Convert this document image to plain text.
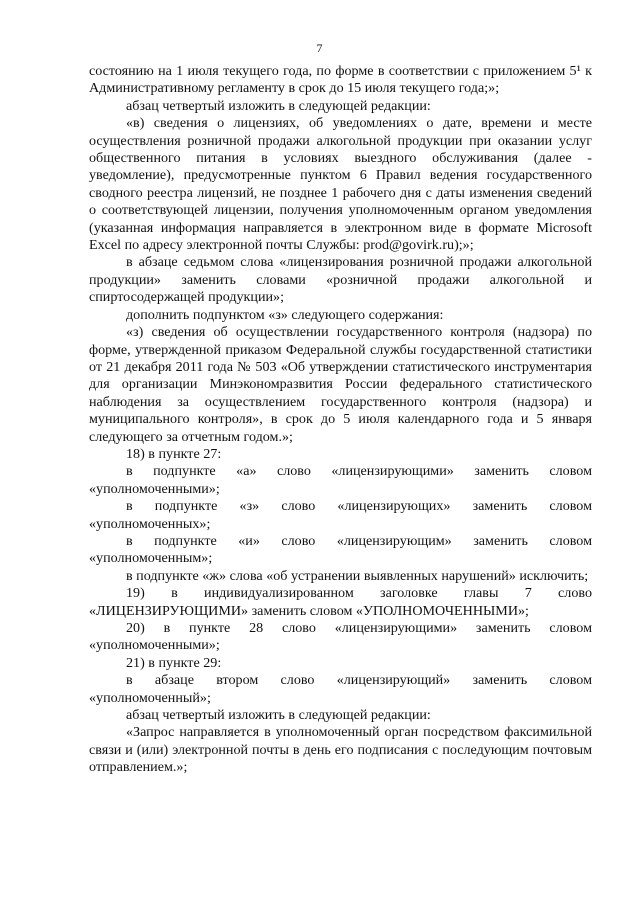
7

состоянию на 1 июля текущего года, по форме в соответствии с приложением 5¹ к Административному регламенту в срок до 15 июля текущего года;»;

абзац четвертый изложить в следующей редакции:

«в) сведения о лицензиях, об уведомлениях о дате, времени и месте осуществления розничной продажи алкогольной продукции при оказании услуг общественного питания в условиях выездного обслуживания (далее - уведомление), предусмотренные пунктом 6 Правил ведения государственного сводного реестра лицензий, не позднее 1 рабочего дня с даты изменения сведений о соответствующей лицензии, получения уполномоченным органом уведомления (указанная информация направляется в электронном виде в формате Microsoft Excel по адресу электронной почты Службы: prod@govirk.ru);»;

в абзаце седьмом слова «лицензирования розничной продажи алкогольной продукции» заменить словами «розничной продажи алкогольной и спиртосодержащей продукции»;

дополнить подпунктом «з» следующего содержания:

«з) сведения об осуществлении государственного контроля (надзора) по форме, утвержденной приказом Федеральной службы государственной статистики от 21 декабря 2011 года № 503 «Об утверждении статистического инструментария для организации Минэкономразвития России федерального статистического наблюдения за осуществлением государственного контроля (надзора) и муниципального контроля», в срок до 5 июля календарного года и 5 января следующего за отчетным годом.»;

18) в пункте 27:

в подпункте «а» слово «лицензирующими» заменить словом «уполномоченными»;

в подпункте «з» слово «лицензирующих» заменить словом «уполномоченных»;

в подпункте «и» слово «лицензирующим» заменить словом «уполномоченным»;

в подпункте «ж» слова «об устранении выявленных нарушений» исключить;

19) в индивидуализированном заголовке главы 7 слово «ЛИЦЕНЗИРУЮЩИМИ» заменить словом «УПОЛНОМОЧЕННЫМИ»;

20) в пункте 28 слово «лицензирующими» заменить словом «уполномоченными»;

21) в пункте 29:

в абзаце втором слово «лицензирующий» заменить словом «уполномоченный»;

абзац четвертый изложить в следующей редакции:

«Запрос направляется в уполномоченный орган посредством факсимильной связи и (или) электронной почты в день его подписания с последующим почтовым отправлением.»;
